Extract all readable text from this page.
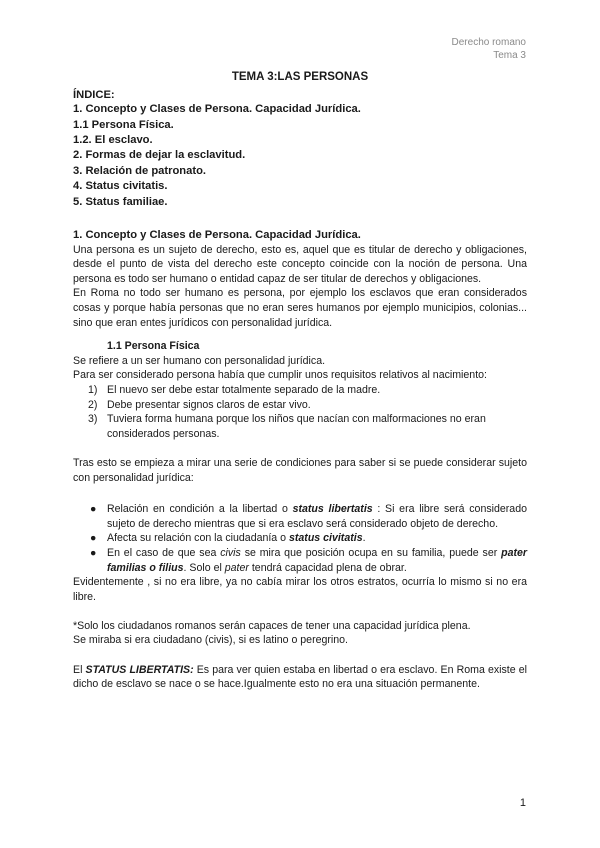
Derecho romano
Tema 3
TEMA 3:LAS PERSONAS
ÍNDICE:
1. Concepto y Clases de Persona. Capacidad Jurídica.
1.1 Persona Física.
1.2. El esclavo.
2. Formas de dejar la esclavitud.
3. Relación de patronato.
4. Status civitatis.
5. Status familiae.
1. Concepto y Clases de Persona. Capacidad Jurídica.

Una persona es un sujeto de derecho, esto es, aquel que es titular de derecho y obligaciones, desde el punto de vista del derecho este concepto coincide con la noción de persona. Una persona es todo ser humano o entidad capaz de ser titular de derechos y obligaciones.

En Roma no todo ser humano es persona, por ejemplo los esclavos que eran considerados cosas y porque había personas que no eran seres humanos por ejemplo municipios, colonias... sino que eran entes jurídicos con personalidad jurídica.

1.1 Persona Física

Se refiere a un ser humano con personalidad jurídica.

Para ser considerado persona había que cumplir unos requisitos relativos al nacimiento:

1) El nuevo ser debe estar totalmente separado de la madre.
2) Debe presentar signos claros de estar vivo.
3) Tuviera forma humana porque los niños que nacían con malformaciones no eran considerados personas.

Tras esto se empieza a mirar una serie de condiciones para saber si se puede considerar sujeto con personalidad jurídica:

● Relación en condición a la libertad o status libertatis : Si era libre será considerado sujeto de derecho mientras que si era esclavo será considerado objeto de derecho.
● Afecta su relación con la ciudadanía o status civitatis.
● En el caso de que sea civis se mira que posición ocupa en su familia, puede ser pater familias o filius. Solo el pater tendrá capacidad plena de obrar.

Evidentemente , si no era libre, ya no cabía mirar los otros estratos, ocurría lo mismo si no era libre.

*Solo los ciudadanos romanos serán capaces de tener una capacidad jurídica plena.

Se miraba si era ciudadano (civis), si es latino o peregrino.

El STATUS LIBERTATIS: Es para ver quien estaba en libertad o era esclavo. En Roma existe el dicho de esclavo se nace o se hace.Igualmente esto no era una situación permanente.

1
